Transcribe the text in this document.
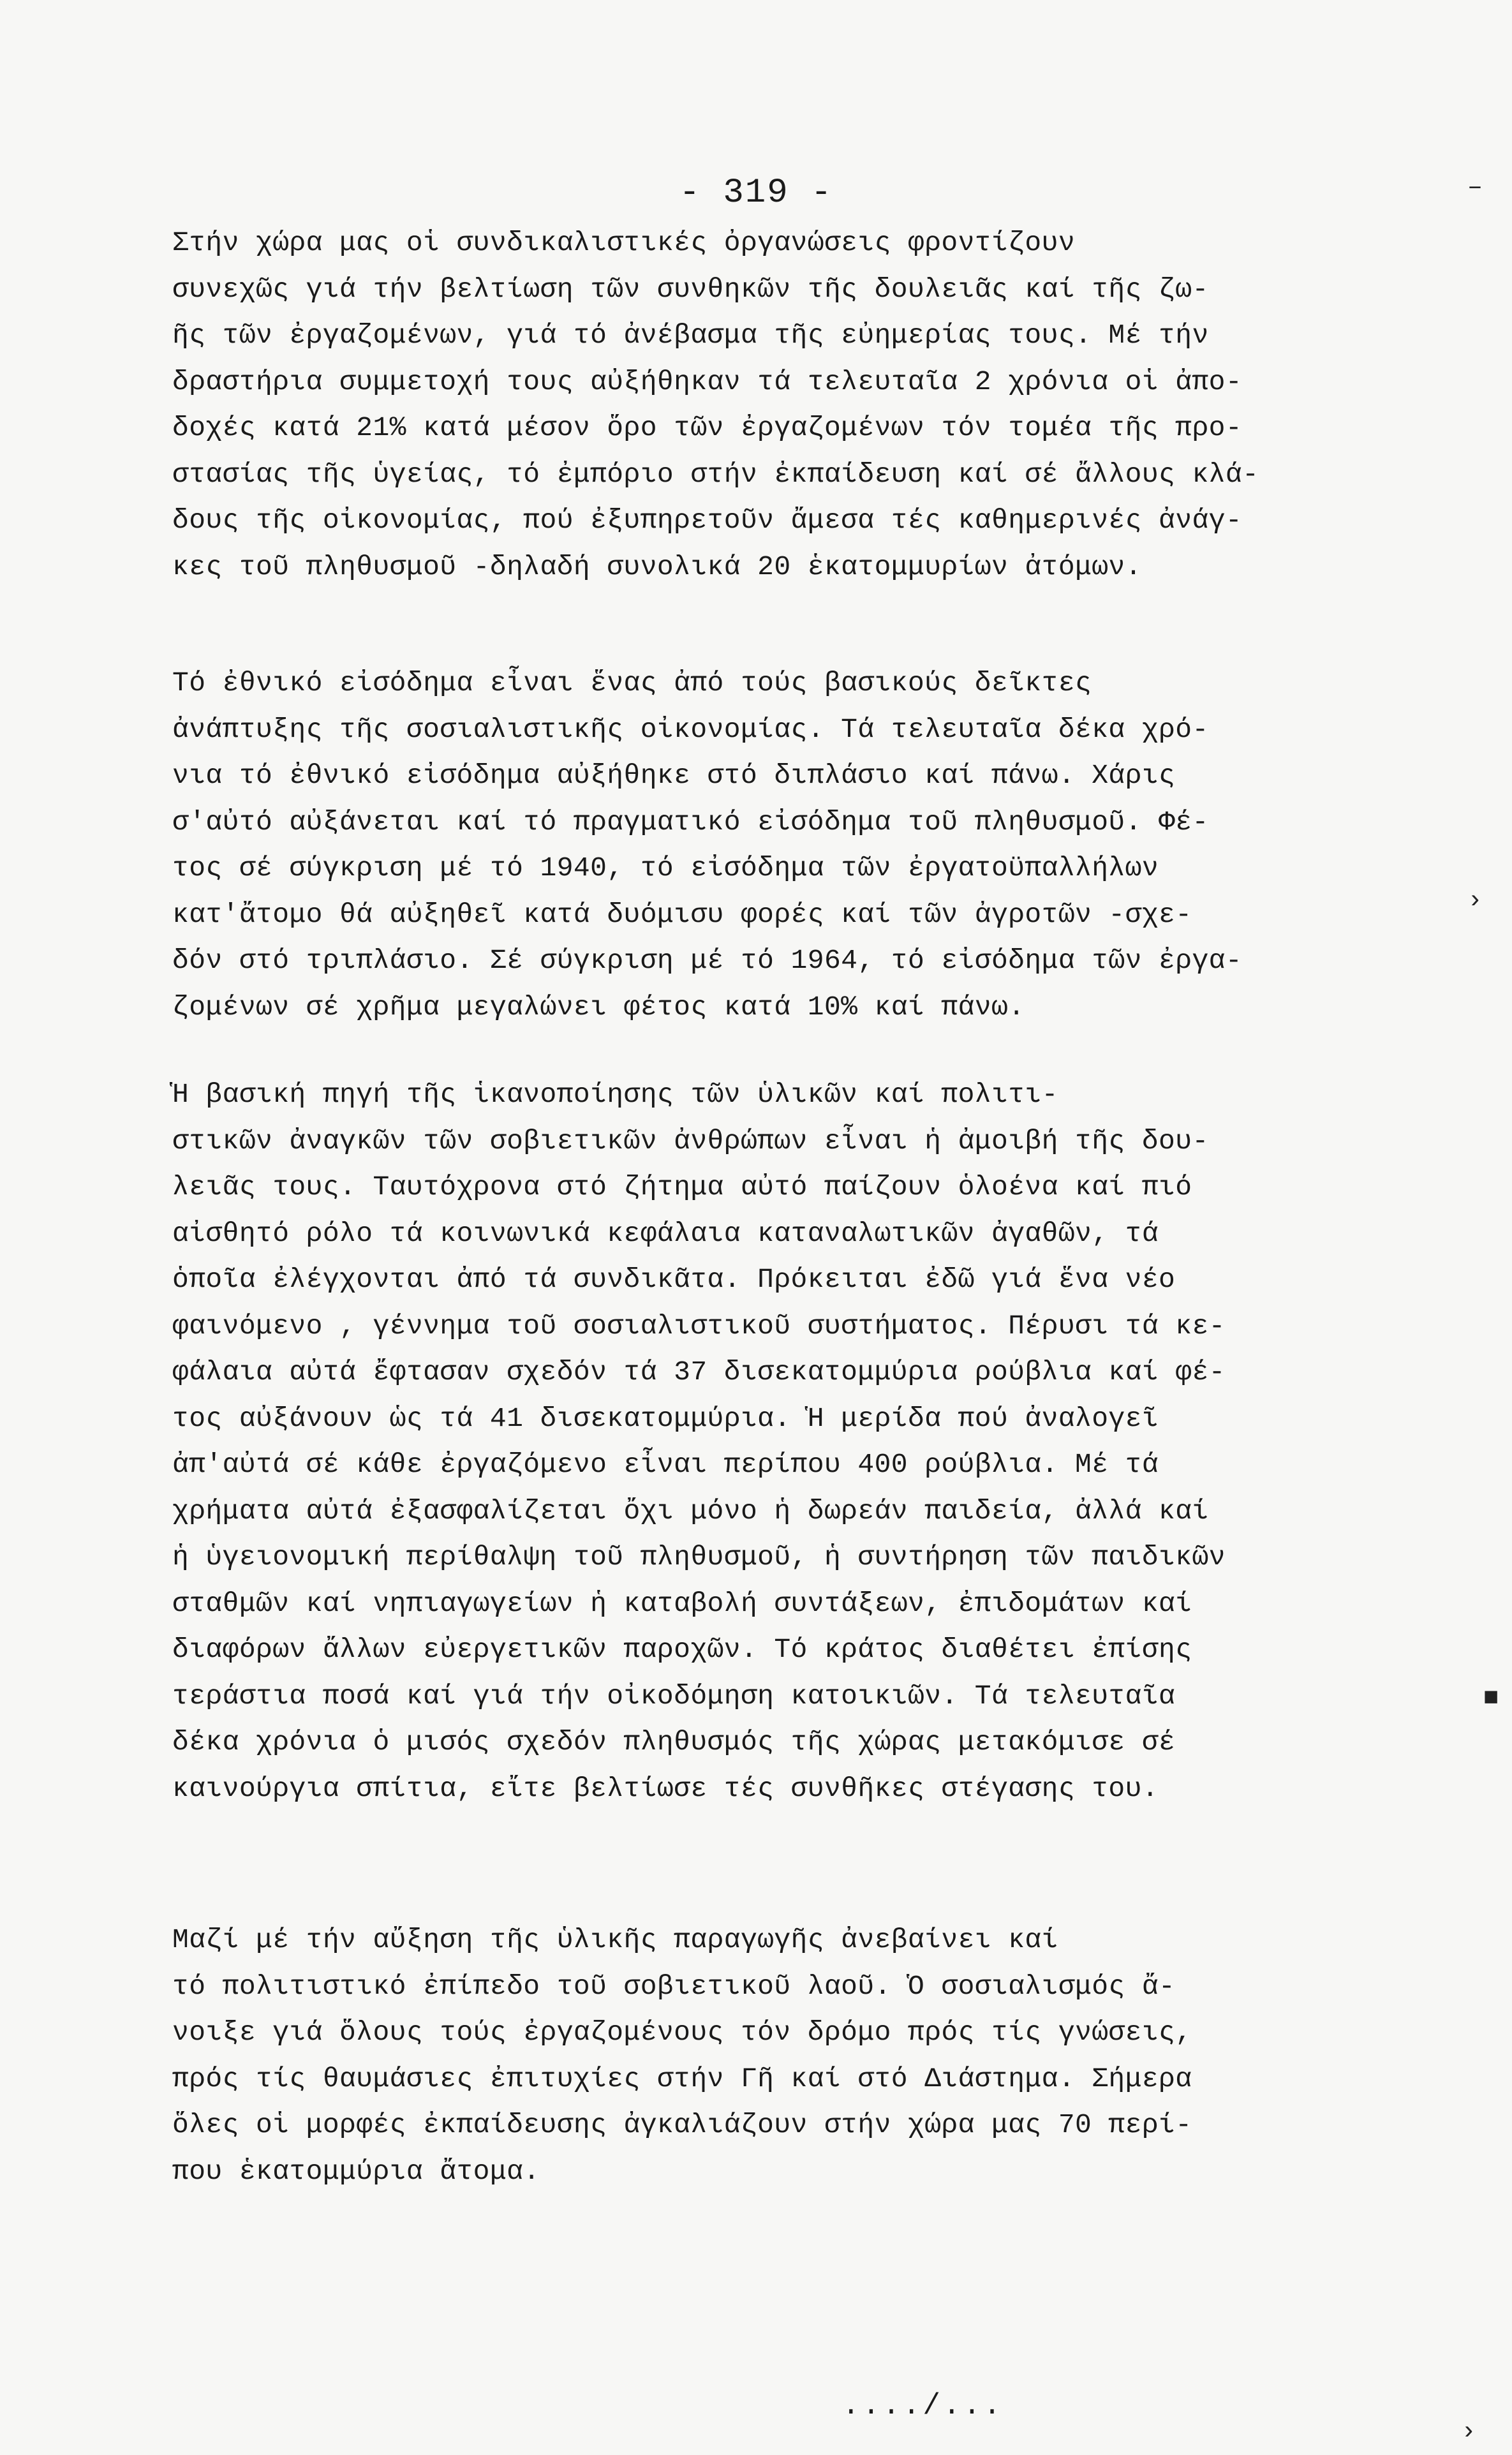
- 319 -
Στήν χώρα μας οἱ συνδικαλιστικές ὀργανώσεις φροντίζουν
συνεχῶς γιά τήν βελτίωση τῶν συνθηκῶν τῆς δουλειᾶς καί τῆς ζω-
ῆς τῶν ἐργαζομένων, γιά τό ἀνέβασμα τῆς εὐημερίας τους. Μέ τήν
δραστήρια συμμετοχή τους αὐξήθηκαν τά τελευταῖα 2 χρόνια οἱ ἀπο-
δοχές κατά 21% κατά μέσον ὅρο τῶν ἐργαζομένων τόν τομέα τῆς προ-
στασίας τῆς ὑγείας, τό ἐμπόριο στήν ἐκπαίδευση καί σέ ἄλλους κλά-
δους τῆς οἰκονομίας, πού ἐξυπηρετοῦν ἄμεσα τές καθημερινές ἀνάγ-
κες τοῦ πληθυσμοῦ -δηλαδή συνολικά 20 ἑκατομμυρίων ἀτόμων.
Τό ἐθνικό εἰσόδημα εἶναι ἕνας ἀπό τούς βασικούς δεῖκτες
ἀνάπτυξης τῆς σοσιαλιστικῆς οἰκονομίας. Τά τελευταῖα δέκα χρό-
νια τό ἐθνικό εἰσόδημα αὐξήθηκε στό διπλάσιο καί πάνω. Χάρις
σ'αὐτό αὐξάνεται καί τό πραγματικό εἰσόδημα τοῦ πληθυσμοῦ. Φέ-
τος σέ σύγκριση μέ τό 1940, τό εἰσόδημα τῶν ἐργατοϋπαλλήλων
κατ'ἄτομο θά αὐξηθεῖ κατά δυόμισυ φορές καί τῶν ἀγροτῶν -σχε-
δόν στό τριπλάσιο. Σέ σύγκριση μέ τό 1964, τό εἰσόδημα τῶν ἐργα-
ζομένων σέ χρῆμα μεγαλώνει φέτος κατά 10% καί πάνω.
Ἡ βασική πηγή τῆς ἱκανοποίησης τῶν ὑλικῶν καί πολιτι-
στικῶν ἀναγκῶν τῶν σοβιετικῶν ἀνθρώπων εἶναι ἡ ἀμοιβή τῆς δου-
λειᾶς τους. Ταυτόχρονα στό ζήτημα αὐτό παίζουν ὁλοένα καί πιό
αἰσθητό ρόλο τά κοινωνικά κεφάλαια καταναλωτικῶν ἀγαθῶν, τά
ὁποῖα ἐλέγχονται ἀπό τά συνδικᾶτα. Πρόκειται ἐδῶ γιά ἕνα νέο
φαινόμενο , γέννημα τοῦ σοσιαλιστικοῦ συστήματος. Πέρυσι τά κε-
φάλαια αὐτά ἔφτασαν σχεδόν τά 37 δισεκατομμύρια ρούβλια καί φέ-
τος αὐξάνουν ὡς τά 41 δισεκατομμύρια. Ἡ μερίδα πού ἀναλογεῖ
ἀπ'αὐτά σέ κάθε ἐργαζόμενο εἶναι περίπου 400 ρούβλια. Μέ τά
χρήματα αὐτά ἐξασφαλίζεται ὄχι μόνο ἡ δωρεάν παιδεία, ἀλλά καί
ἡ ὑγειονομική περίθαλψη τοῦ πληθυσμοῦ, ἡ συντήρηση τῶν παιδικῶν
σταθμῶν καί νηπιαγωγείων ἡ καταβολή συντάξεων, ἐπιδομάτων καί
διαφόρων ἄλλων εὐεργετικῶν παροχῶν. Τό κράτος διαθέτει ἐπίσης
τεράστια ποσά καί γιά τήν οἰκοδόμηση κατοικιῶν. Τά τελευταῖα
δέκα χρόνια ὁ μισός σχεδόν πληθυσμός τῆς χώρας μετακόμισε σέ
καινούργια σπίτια, εἴτε βελτίωσε τές συνθῆκες στέγασης του.
Μαζί μέ τήν αὔξηση τῆς ὑλικῆς παραγωγῆς ἀνεβαίνει καί
τό πολιτιστικό ἐπίπεδο τοῦ σοβιετικοῦ λαοῦ. Ὁ σοσιαλισμός ἄ-
νοιξε γιά ὅλους τούς ἐργαζομένους τόν δρόμο πρός τίς γνώσεις,
πρός τίς θαυμάσιες ἐπιτυχίες στήν Γῆ καί στό Διάστημα. Σήμερα
ὅλες οἱ μορφές ἐκπαίδευσης ἀγκαλιάζουν στήν χώρα μας 70 περί-
που ἑκατομμύρια ἄτομα.
..../...
‒
›
■
›
